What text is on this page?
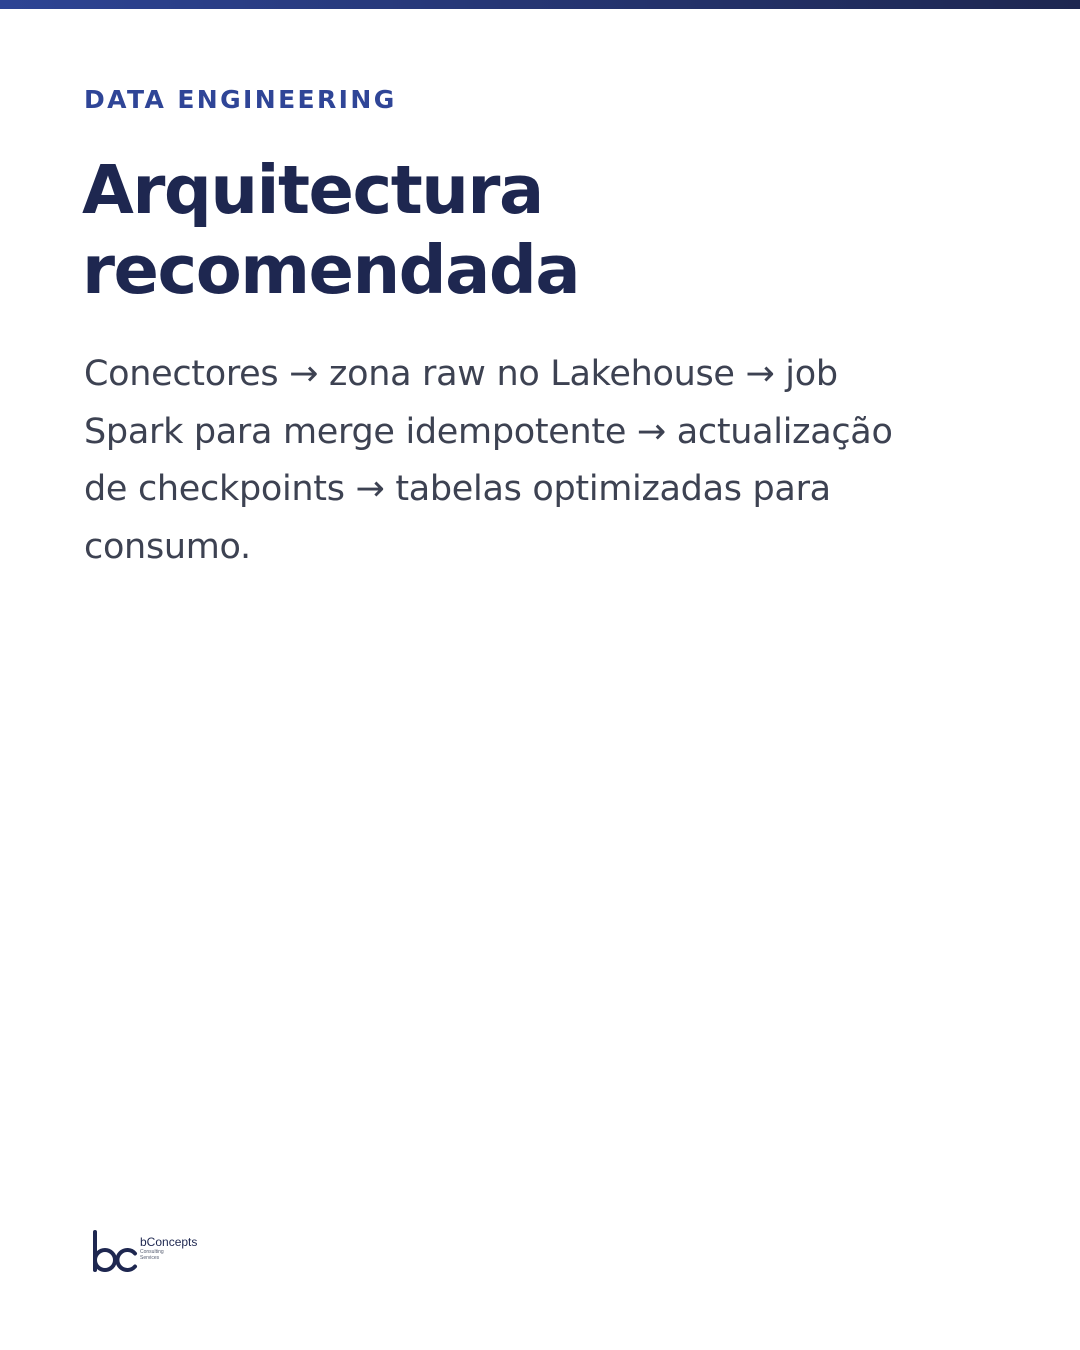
DATA ENGINEERING

Arquitectura
recomendada

Conectores → zona raw no Lakehouse → job Spark para merge idempotente → actualização de checkpoints → tabelas optimizadas para consumo.

bConcepts
Consulting
Services
